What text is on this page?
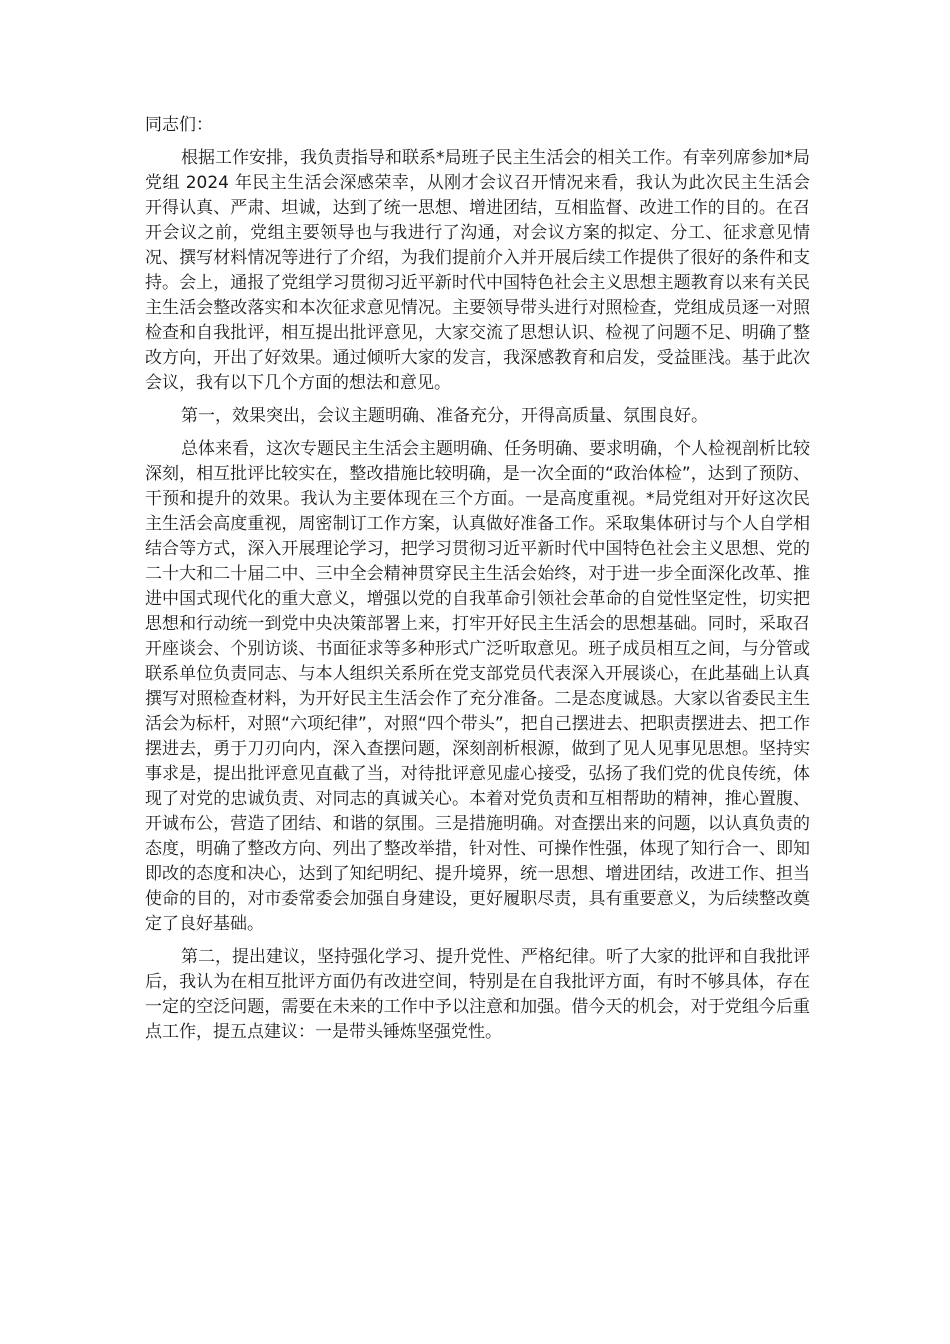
同志们：

根据工作安排，我负责指导和联系*局班子民主生活会的相关工作。有幸列席参加*局党组 2024 年民主生活会深感荣幸，从刚才会议召开情况来看，我认为此次民主生活会开得认真、严肃、坦诚，达到了统一思想、增进团结，互相监督、改进工作的目的。在召开会议之前，党组主要领导也与我进行了沟通，对会议方案的拟定、分工、征求意见情况、撰写材料情况等进行了介绍，为我们提前介入并开展后续工作提供了很好的条件和支持。会上，通报了党组学习贯彻习近平新时代中国特色社会主义思想主题教育以来有关民主生活会整改落实和本次征求意见情况。主要领导带头进行对照检查，党组成员逐一对照检查和自我批评，相互提出批评意见，大家交流了思想认识、检视了问题不足、明确了整改方向，开出了好效果。通过倾听大家的发言，我深感教育和启发，受益匪浅。基于此次会议，我有以下几个方面的想法和意见。

第一，效果突出，会议主题明确、准备充分，开得高质量、氛围良好。

总体来看，这次专题民主生活会主题明确、任务明确、要求明确，个人检视剖析比较深刻，相互批评比较实在，整改措施比较明确，是一次全面的“政治体检”，达到了预防、干预和提升的效果。我认为主要体现在三个方面。一是高度重视。*局党组对开好这次民主生活会高度重视，周密制订工作方案，认真做好准备工作。采取集体研讨与个人自学相结合等方式，深入开展理论学习，把学习贯彻习近平新时代中国特色社会主义思想、党的二十大和二十届二中、三中全会精神贯穿民主生活会始终，对于进一步全面深化改革、推进中国式现代化的重大意义，增强以党的自我革命引领社会革命的自觉性坚定性，切实把思想和行动统一到党中央决策部署上来，打牢开好民主生活会的思想基础。同时，采取召开座谈会、个别访谈、书面征求等多种形式广泛听取意见。班子成员相互之间，与分管或联系单位负责同志、与本人组织关系所在党支部党员代表深入开展谈心，在此基础上认真撰写对照检查材料，为开好民主生活会作了充分准备。二是态度诚恳。大家以省委民主生活会为标杆，对照“六项纪律”，对照“四个带头”，把自己摆进去、把职责摆进去、把工作摆进去，勇于刀刃向内，深入查摆问题，深刻剖析根源，做到了见人见事见思想。坚持实事求是，提出批评意见直截了当，对待批评意见虚心接受，弘扬了我们党的优良传统，体现了对党的忠诚负责、对同志的真诚关心。本着对党负责和互相帮助的精神，推心置腹、开诚布公，营造了团结、和谐的氛围。三是措施明确。对查摆出来的问题，以认真负责的态度，明确了整改方向、列出了整改举措，针对性、可操作性强，体现了知行合一、即知即改的态度和决心，达到了知纪明纪、提升境界，统一思想、增进团结，改进工作、担当使命的目的，对市委常委会加强自身建设，更好履职尽责，具有重要意义，为后续整改奠定了良好基础。

第二，提出建议，坚持强化学习、提升党性、严格纪律。听了大家的批评和自我批评后，我认为在相互批评方面仍有改进空间，特别是在自我批评方面，有时不够具体，存在一定的空泛问题，需要在未来的工作中予以注意和加强。借今天的机会，对于党组今后重点工作，提五点建议：一是带头锤炼坚强党性。
